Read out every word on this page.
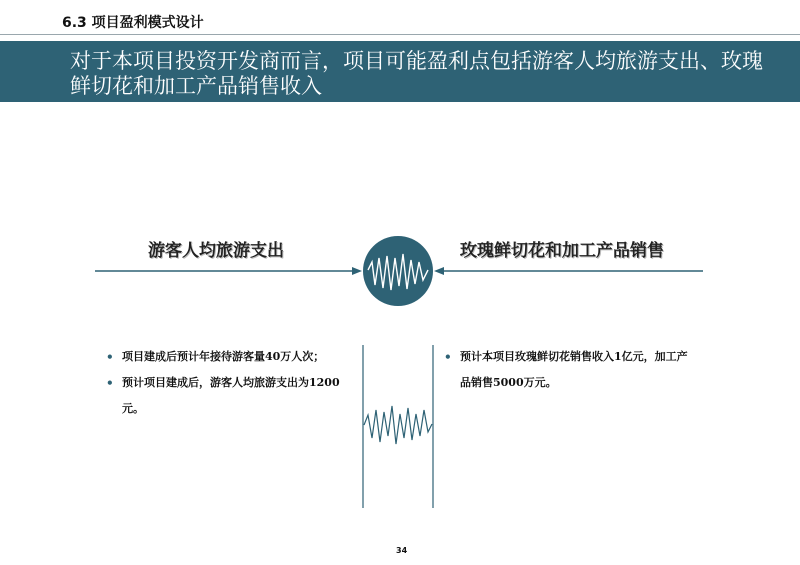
6.3 项目盈利模式设计
对于本项目投资开发商而言，项目可能盈利点包括游客人均旅游支出、玫瑰鲜切花和加工产品销售收入
游客人均旅游支出	玫瑰鲜切花和加工产品销售
• 项目建成后预计年接待游客量40万人次；
• 预计项目建成后，游客人均旅游支出为1200元。
• 预计本项目玫瑰鲜切花销售收入1亿元，加工产品销售5000万元。
34
